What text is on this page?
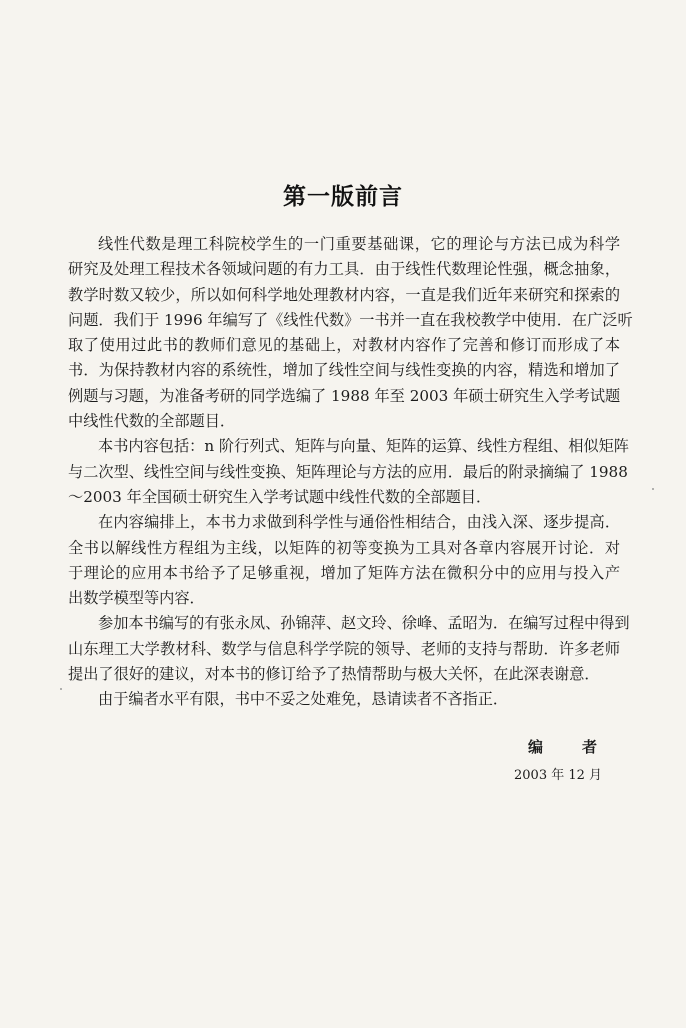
第一版前言
线性代数是理工科院校学生的一门重要基础课，它的理论与方法已成为科学
研究及处理工程技术各领域问题的有力工具．由于线性代数理论性强，概念抽象，
教学时数又较少，所以如何科学地处理教材内容，一直是我们近年来研究和探索的
问题．我们于 1996 年编写了《线性代数》一书并一直在我校教学中使用．在广泛听
取了使用过此书的教师们意见的基础上，对教材内容作了完善和修订而形成了本
书．为保持教材内容的系统性，增加了线性空间与线性变换的内容，精选和增加了
例题与习题，为准备考研的同学选编了 1988 年至 2003 年硕士研究生入学考试题
中线性代数的全部题目．
本书内容包括：n 阶行列式、矩阵与向量、矩阵的运算、线性方程组、相似矩阵
与二次型、线性空间与线性变换、矩阵理论与方法的应用．最后的附录摘编了 1988
～2003 年全国硕士研究生入学考试题中线性代数的全部题目．
在内容编排上，本书力求做到科学性与通俗性相结合，由浅入深、逐步提高．
全书以解线性方程组为主线，以矩阵的初等变换为工具对各章内容展开讨论．对
于理论的应用本书给予了足够重视，增加了矩阵方法在微积分中的应用与投入产
出数学模型等内容．
参加本书编写的有张永凤、孙锦萍、赵文玲、徐峰、孟昭为．在编写过程中得到
山东理工大学教材科、数学与信息科学学院的领导、老师的支持与帮助．许多老师
提出了很好的建议，对本书的修订给予了热情帮助与极大关怀，在此深表谢意．
由于编者水平有限，书中不妥之处难免，恳请读者不吝指正．
编　者
2003 年 12 月
